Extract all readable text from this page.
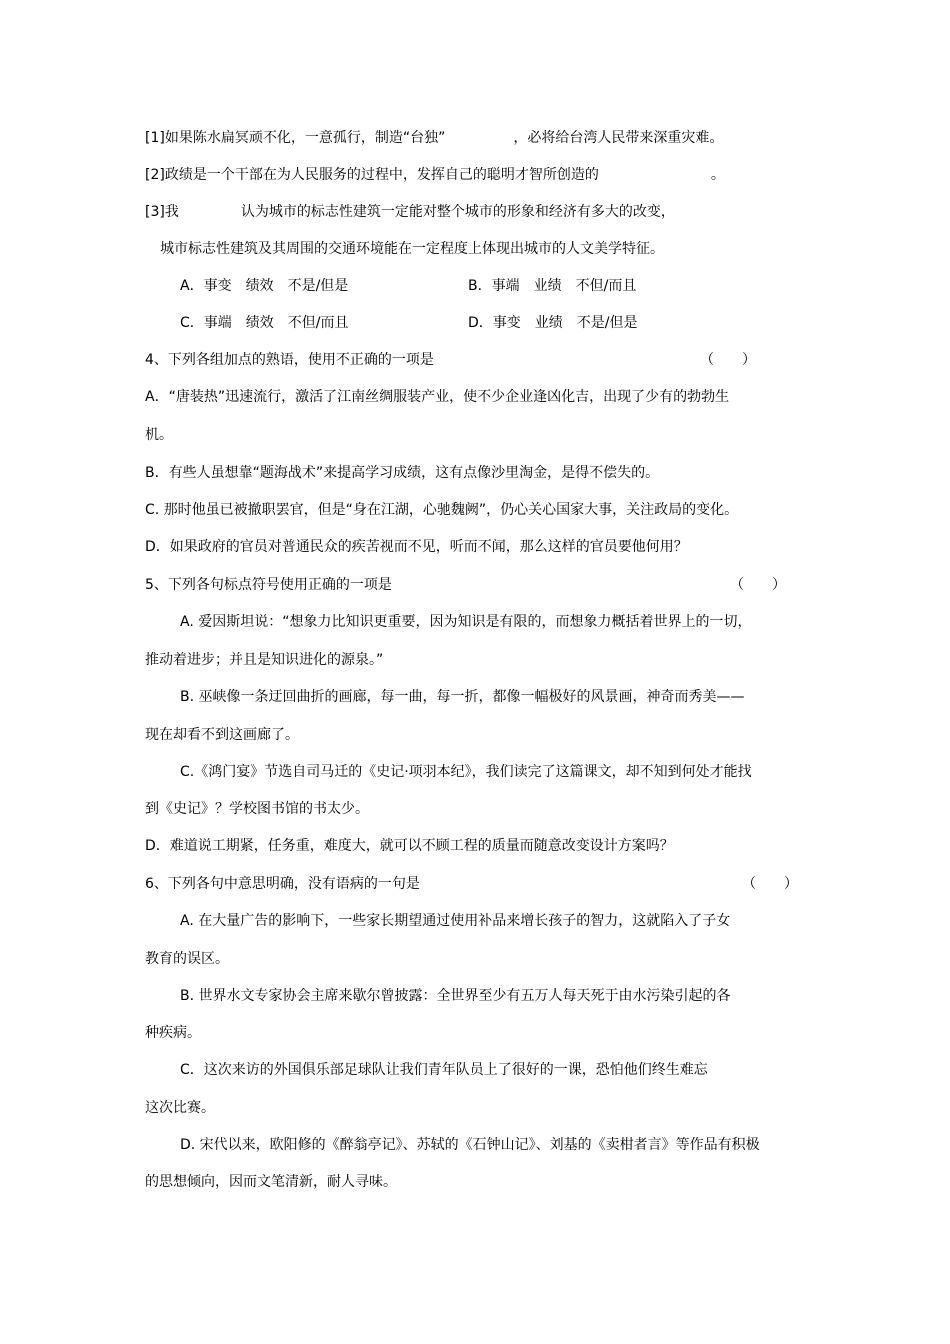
[1]如果陈水扁冥顽不化，一意孤行，制造“台独”	，必将给台湾人民带来深重灾难。
[2]政绩是一个干部在为人民服务的过程中，发挥自己的聪明才智所创造的	。
[3]我	认为城市的标志性建筑一定能对整个城市的形象和经济有多大的改变，
城市标志性建筑及其周围的交通环境能在一定程度上体现出城市的人文美学特征。
A．事变　绩效　不是/但是	B．事端　业绩　不但/而且
C．事端　绩效　不但/而且	D．事变　业绩　不是/但是
4、下列各组加点的熟语，使用不正确的一项是	（　　）
A．“唐装热”迅速流行，激活了江南丝绸服装产业，使不少企业逢凶化吉，出现了少有的勃勃生
机。
B．有些人虽想靠“题海战术”来提高学习成绩，这有点像沙里淘金，是得不偿失的。
C. 那时他虽已被撤职罢官，但是“身在江湖，心驰魏阙”，仍心关心国家大事，关注政局的变化。
D．如果政府的官员对普通民众的疾苦视而不见，听而不闻，那么这样的官员要他何用？
5、下列各句标点符号使用正确的一项是	（　　）
A. 爱因斯坦说：“想象力比知识更重要，因为知识是有限的，而想象力概括着世界上的一切，
推动着进步；并且是知识进化的源泉。”
B. 巫峡像一条迂回曲折的画廊，每一曲，每一折，都像一幅极好的风景画，神奇而秀美——
现在却看不到这画廊了。
C.《鸿门宴》节选自司马迁的《史记·项羽本纪》，我们读完了这篇课文，却不知到何处才能找
到《史记》？学校图书馆的书太少。
D．难道说工期紧，任务重，难度大，就可以不顾工程的质量而随意改变设计方案吗？
6、下列各句中意思明确，没有语病的一句是	（　　）
A. 在大量广告的影响下，一些家长期望通过使用补品来增长孩子的智力，这就陷入了子女
教育的误区。
B. 世界水文专家协会主席来歇尔曾披露：全世界至少有五万人每天死于由水污染引起的各
种疾病。
C．这次来访的外国俱乐部足球队让我们青年队员上了很好的一课，恐怕他们终生难忘
这次比赛。
D. 宋代以来，欧阳修的《醉翁亭记》、苏轼的《石钟山记》、刘基的《卖柑者言》等作品有积极
的思想倾向，因而文笔清新，耐人寻味。
